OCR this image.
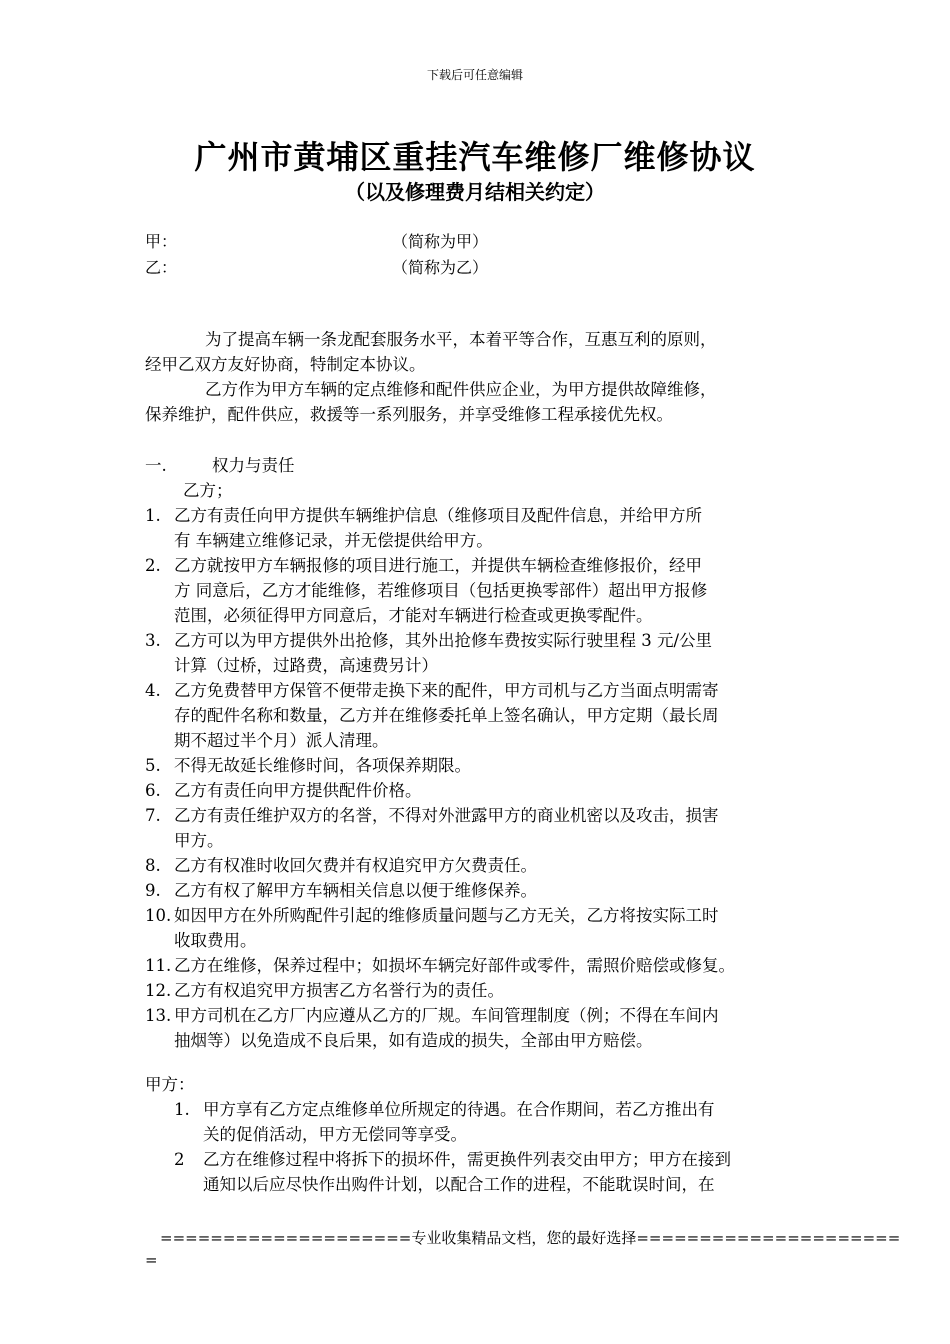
下载后可任意编辑
广州市黄埔区重挂汽车维修厂维修协议
（以及修理费月结相关约定）
甲：	（简称为甲）
乙：	（简称为乙）
为了提高车辆一条龙配套服务水平，本着平等合作，互惠互利的原则，
经甲乙双方友好协商，特制定本协议。
乙方作为甲方车辆的定点维修和配件供应企业，为甲方提供故障维修，
保养维护，配件供应，救援等一系列服务，并享受维修工程承接优先权。
一.	权力与责任
乙方；
1. 乙方有责任向甲方提供车辆维护信息（维修项目及配件信息，并给甲方所
有 车辆建立维修记录，并无偿提供给甲方。
2. 乙方就按甲方车辆报修的项目进行施工，并提供车辆检查维修报价，经甲
方 同意后，乙方才能维修，若维修项目（包括更换零部件）超出甲方报修
范围，必须征得甲方同意后，才能对车辆进行检查或更换零配件。
3. 乙方可以为甲方提供外出抢修，其外出抢修车费按实际行驶里程 3 元/公里
计算（过桥，过路费，高速费另计）
4. 乙方免费替甲方保管不便带走换下来的配件，甲方司机与乙方当面点明需寄
存的配件名称和数量，乙方并在维修委托单上签名确认，甲方定期（最长周
期不超过半个月）派人清理。
5. 不得无故延长维修时间，各项保养期限。
6. 乙方有责任向甲方提供配件价格。
7. 乙方有责任维护双方的名誉，不得对外泄露甲方的商业机密以及攻击，损害
甲方。
8. 乙方有权准时收回欠费并有权追究甲方欠费责任。
9. 乙方有权了解甲方车辆相关信息以便于维修保养。
10. 如因甲方在外所购配件引起的维修质量问题与乙方无关，乙方将按实际工时
收取费用。
11. 乙方在维修，保养过程中；如损坏车辆完好部件或零件，需照价赔偿或修复。
12. 乙方有权追究甲方损害乙方名誉行为的责任。
13. 甲方司机在乙方厂内应遵从乙方的厂规。车间管理制度（例；不得在车间内
抽烟等）以免造成不良后果，如有造成的损失，全部由甲方赔偿。
甲方：
1. 甲方享有乙方定点维修单位所规定的待遇。在合作期间，若乙方推出有
关的促俏活动，甲方无偿同等享受。
2 乙方在维修过程中将拆下的损坏件，需更换件列表交由甲方；甲方在接到
通知以后应尽快作出购件计划，以配合工作的进程，不能耽误时间，在
====================专业收集精品文档，您的最好选择=====================
=
